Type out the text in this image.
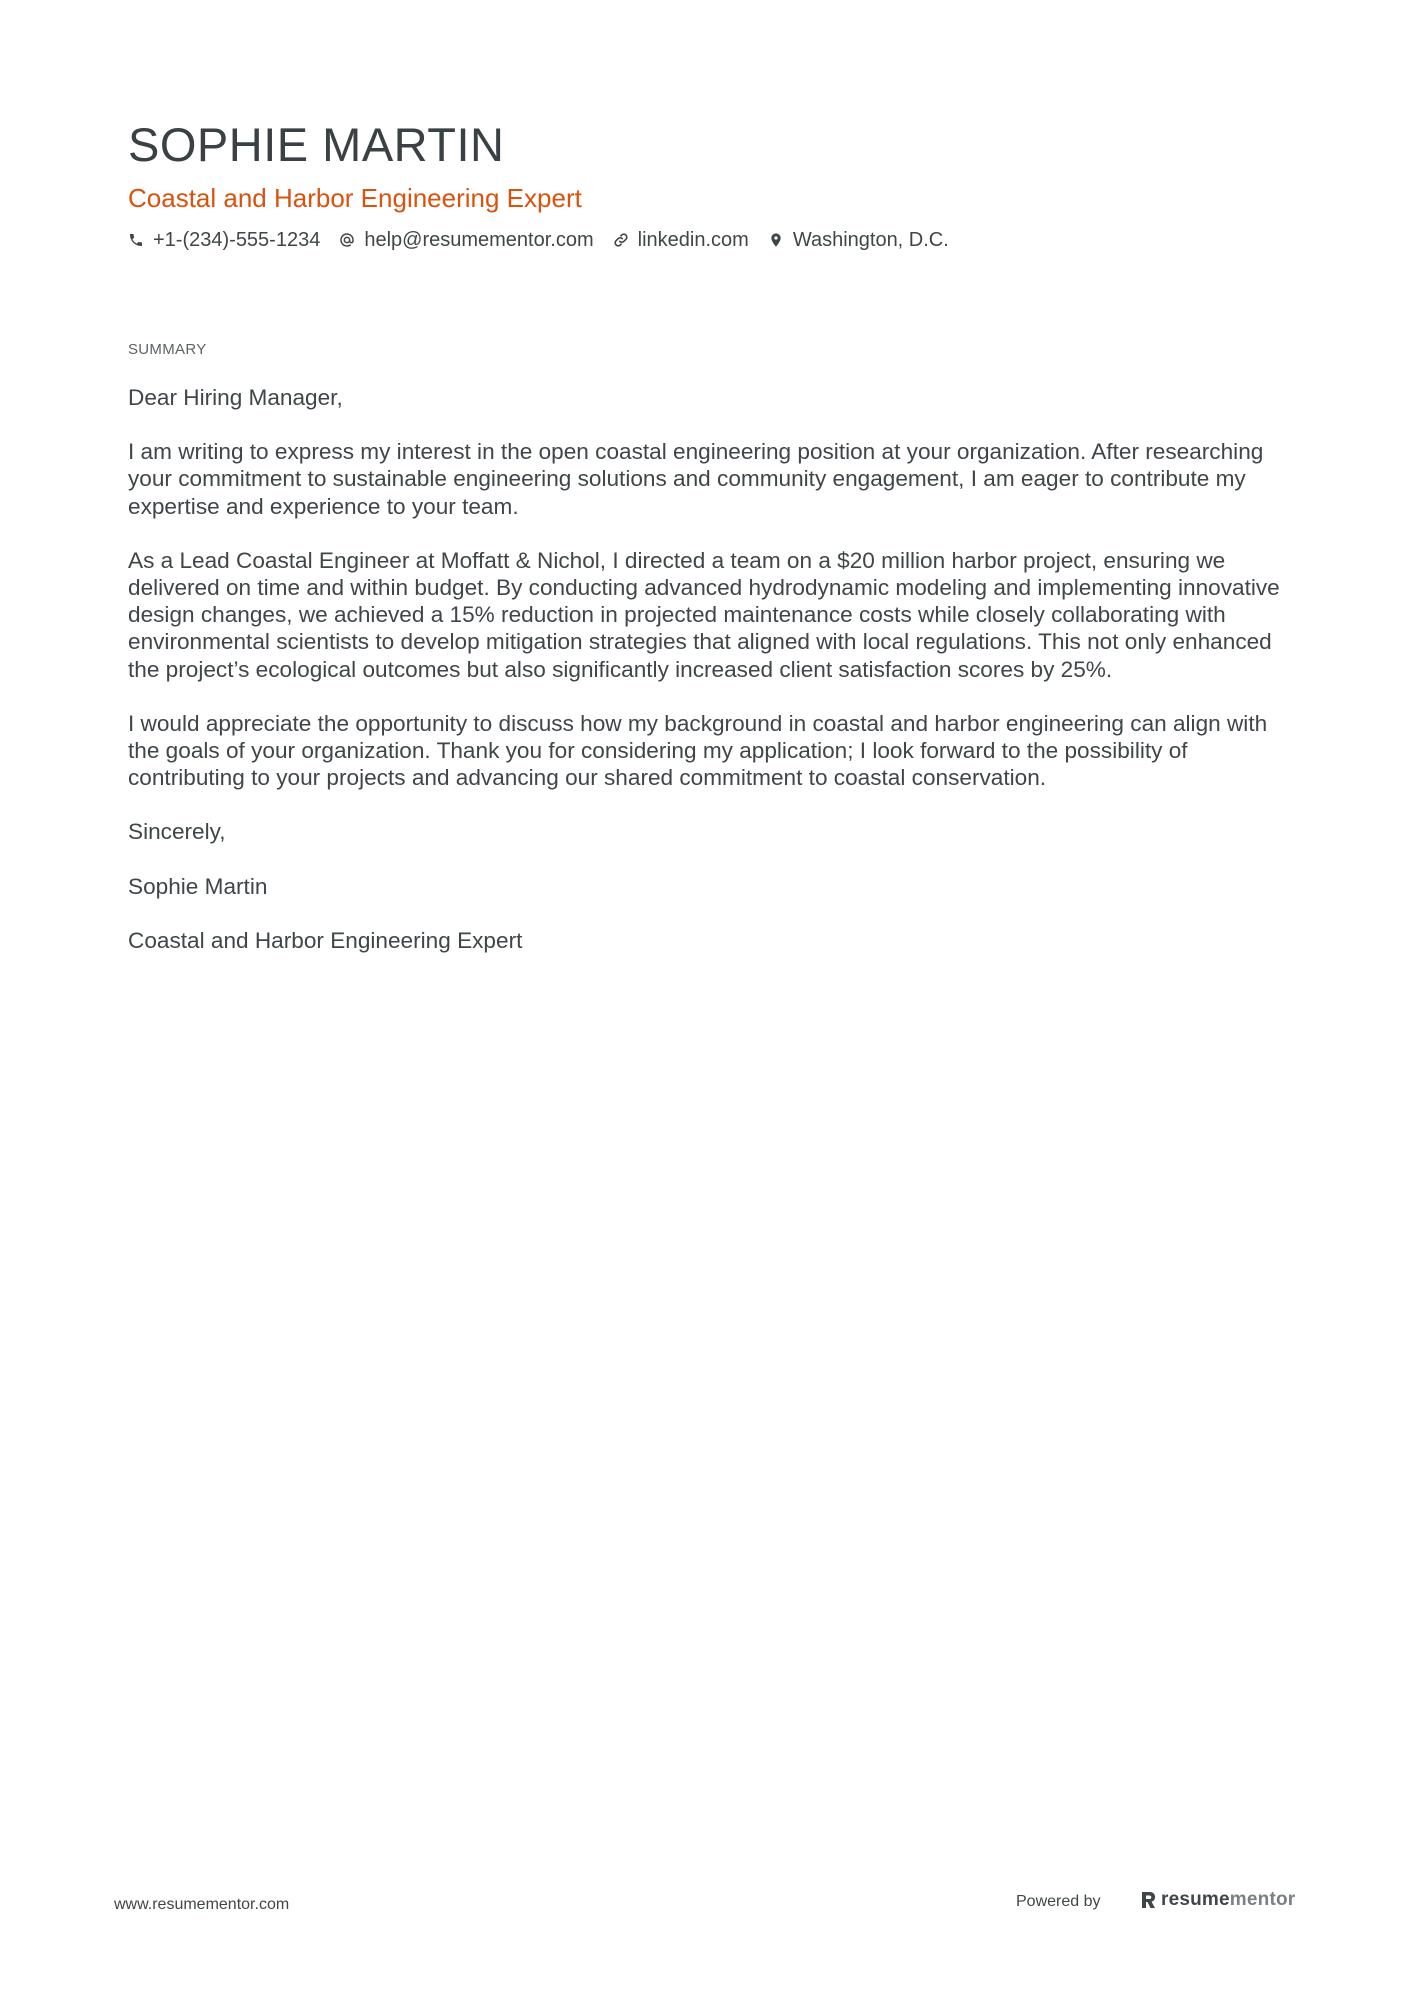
SOPHIE MARTIN
Coastal and Harbor Engineering Expert
+1-(234)-555-1234 help@resumementor.com linkedin.com Washington, D.C.
SUMMARY

Dear Hiring Manager,

I am writing to express my interest in the open coastal engineering position at your organization. After researching your commitment to sustainable engineering solutions and community engagement, I am eager to contribute my expertise and experience to your team.

As a Lead Coastal Engineer at Moffatt & Nichol, I directed a team on a $20 million harbor project, ensuring we delivered on time and within budget. By conducting advanced hydrodynamic modeling and implementing innovative design changes, we achieved a 15% reduction in projected maintenance costs while closely collaborating with environmental scientists to develop mitigation strategies that aligned with local regulations. This not only enhanced the project’s ecological outcomes but also significantly increased client satisfaction scores by 25%.

I would appreciate the opportunity to discuss how my background in coastal and harbor engineering can align with the goals of your organization. Thank you for considering my application; I look forward to the possibility of contributing to your projects and advancing our shared commitment to coastal conservation.

Sincerely,

Sophie Martin

Coastal and Harbor Engineering Expert

www.resumementor.com	Powered by	resumementor
